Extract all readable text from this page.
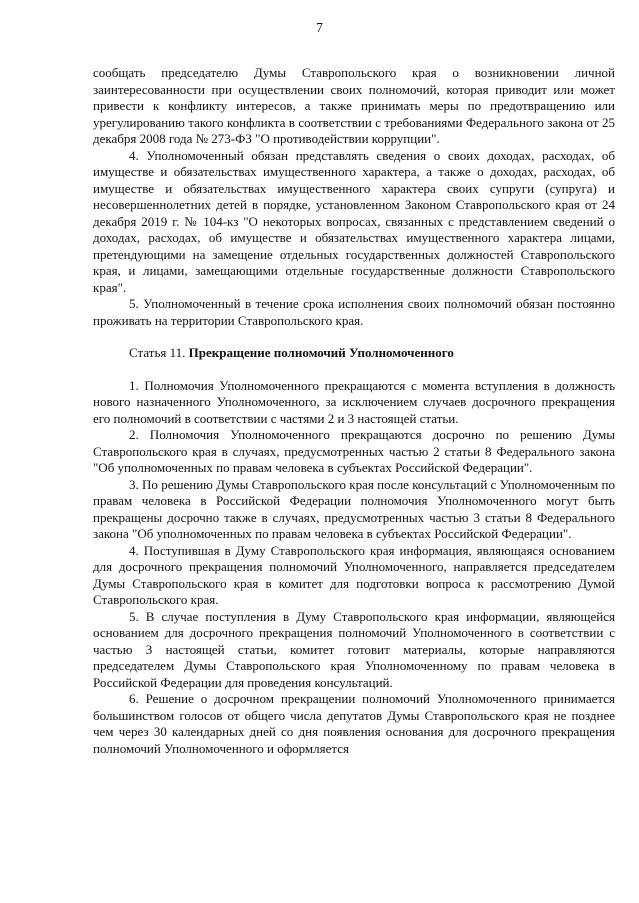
7

сообщать председателю Думы Ставропольского края о возникновении личной заинтересованности при осуществлении своих полномочий, которая приводит или может привести к конфликту интересов, а также принимать меры по предотвращению или урегулированию такого конфликта в соответствии с требованиями Федерального закона от 25 декабря 2008 года № 273-ФЗ "О противодействии коррупции".

4. Уполномоченный обязан представлять сведения о своих доходах, расходах, об имуществе и обязательствах имущественного характера, а также о доходах, расходах, об имуществе и обязательствах имущественного характера своих супруги (супруга) и несовершеннолетних детей в порядке, установленном Законом Ставропольского края от 24 декабря 2019 г. № 104-кз "О некоторых вопросах, связанных с представлением сведений о доходах, расходах, об имуществе и обязательствах имущественного характера лицами, претендующими на замещение отдельных государственных должностей Ставропольского края, и лицами, замещающими отдельные государственные должности Ставропольского края".

5. Уполномоченный в течение срока исполнения своих полномочий обязан постоянно проживать на территории Ставропольского края.

Статья 11. Прекращение полномочий Уполномоченного

1. Полномочия Уполномоченного прекращаются с момента вступления в должность нового назначенного Уполномоченного, за исключением случаев досрочного прекращения его полномочий в соответствии с частями 2 и 3 настоящей статьи.

2. Полномочия Уполномоченного прекращаются досрочно по решению Думы Ставропольского края в случаях, предусмотренных частью 2 статьи 8 Федерального закона "Об уполномоченных по правам человека в субъектах Российской Федерации".

3. По решению Думы Ставропольского края после консультаций с Уполномоченным по правам человека в Российской Федерации полномочия Уполномоченного могут быть прекращены досрочно также в случаях, предусмотренных частью 3 статьи 8 Федерального закона "Об уполномоченных по правам человека в субъектах Российской Федерации".

4. Поступившая в Думу Ставропольского края информация, являющаяся основанием для досрочного прекращения полномочий Уполномоченного, направляется председателем Думы Ставропольского края в комитет для подготовки вопроса к рассмотрению Думой Ставропольского края.

5. В случае поступления в Думу Ставропольского края информации, являющейся основанием для досрочного прекращения полномочий Уполномоченного в соответствии с частью 3 настоящей статьи, комитет готовит материалы, которые направляются председателем Думы Ставропольского края Уполномоченному по правам человека в Российской Федерации для проведения консультаций.

6. Решение о досрочном прекращении полномочий Уполномоченного принимается большинством голосов от общего числа депутатов Думы Ставропольского края не позднее чем через 30 календарных дней со дня появления основания для досрочного прекращения полномочий Уполномоченного и оформляется
